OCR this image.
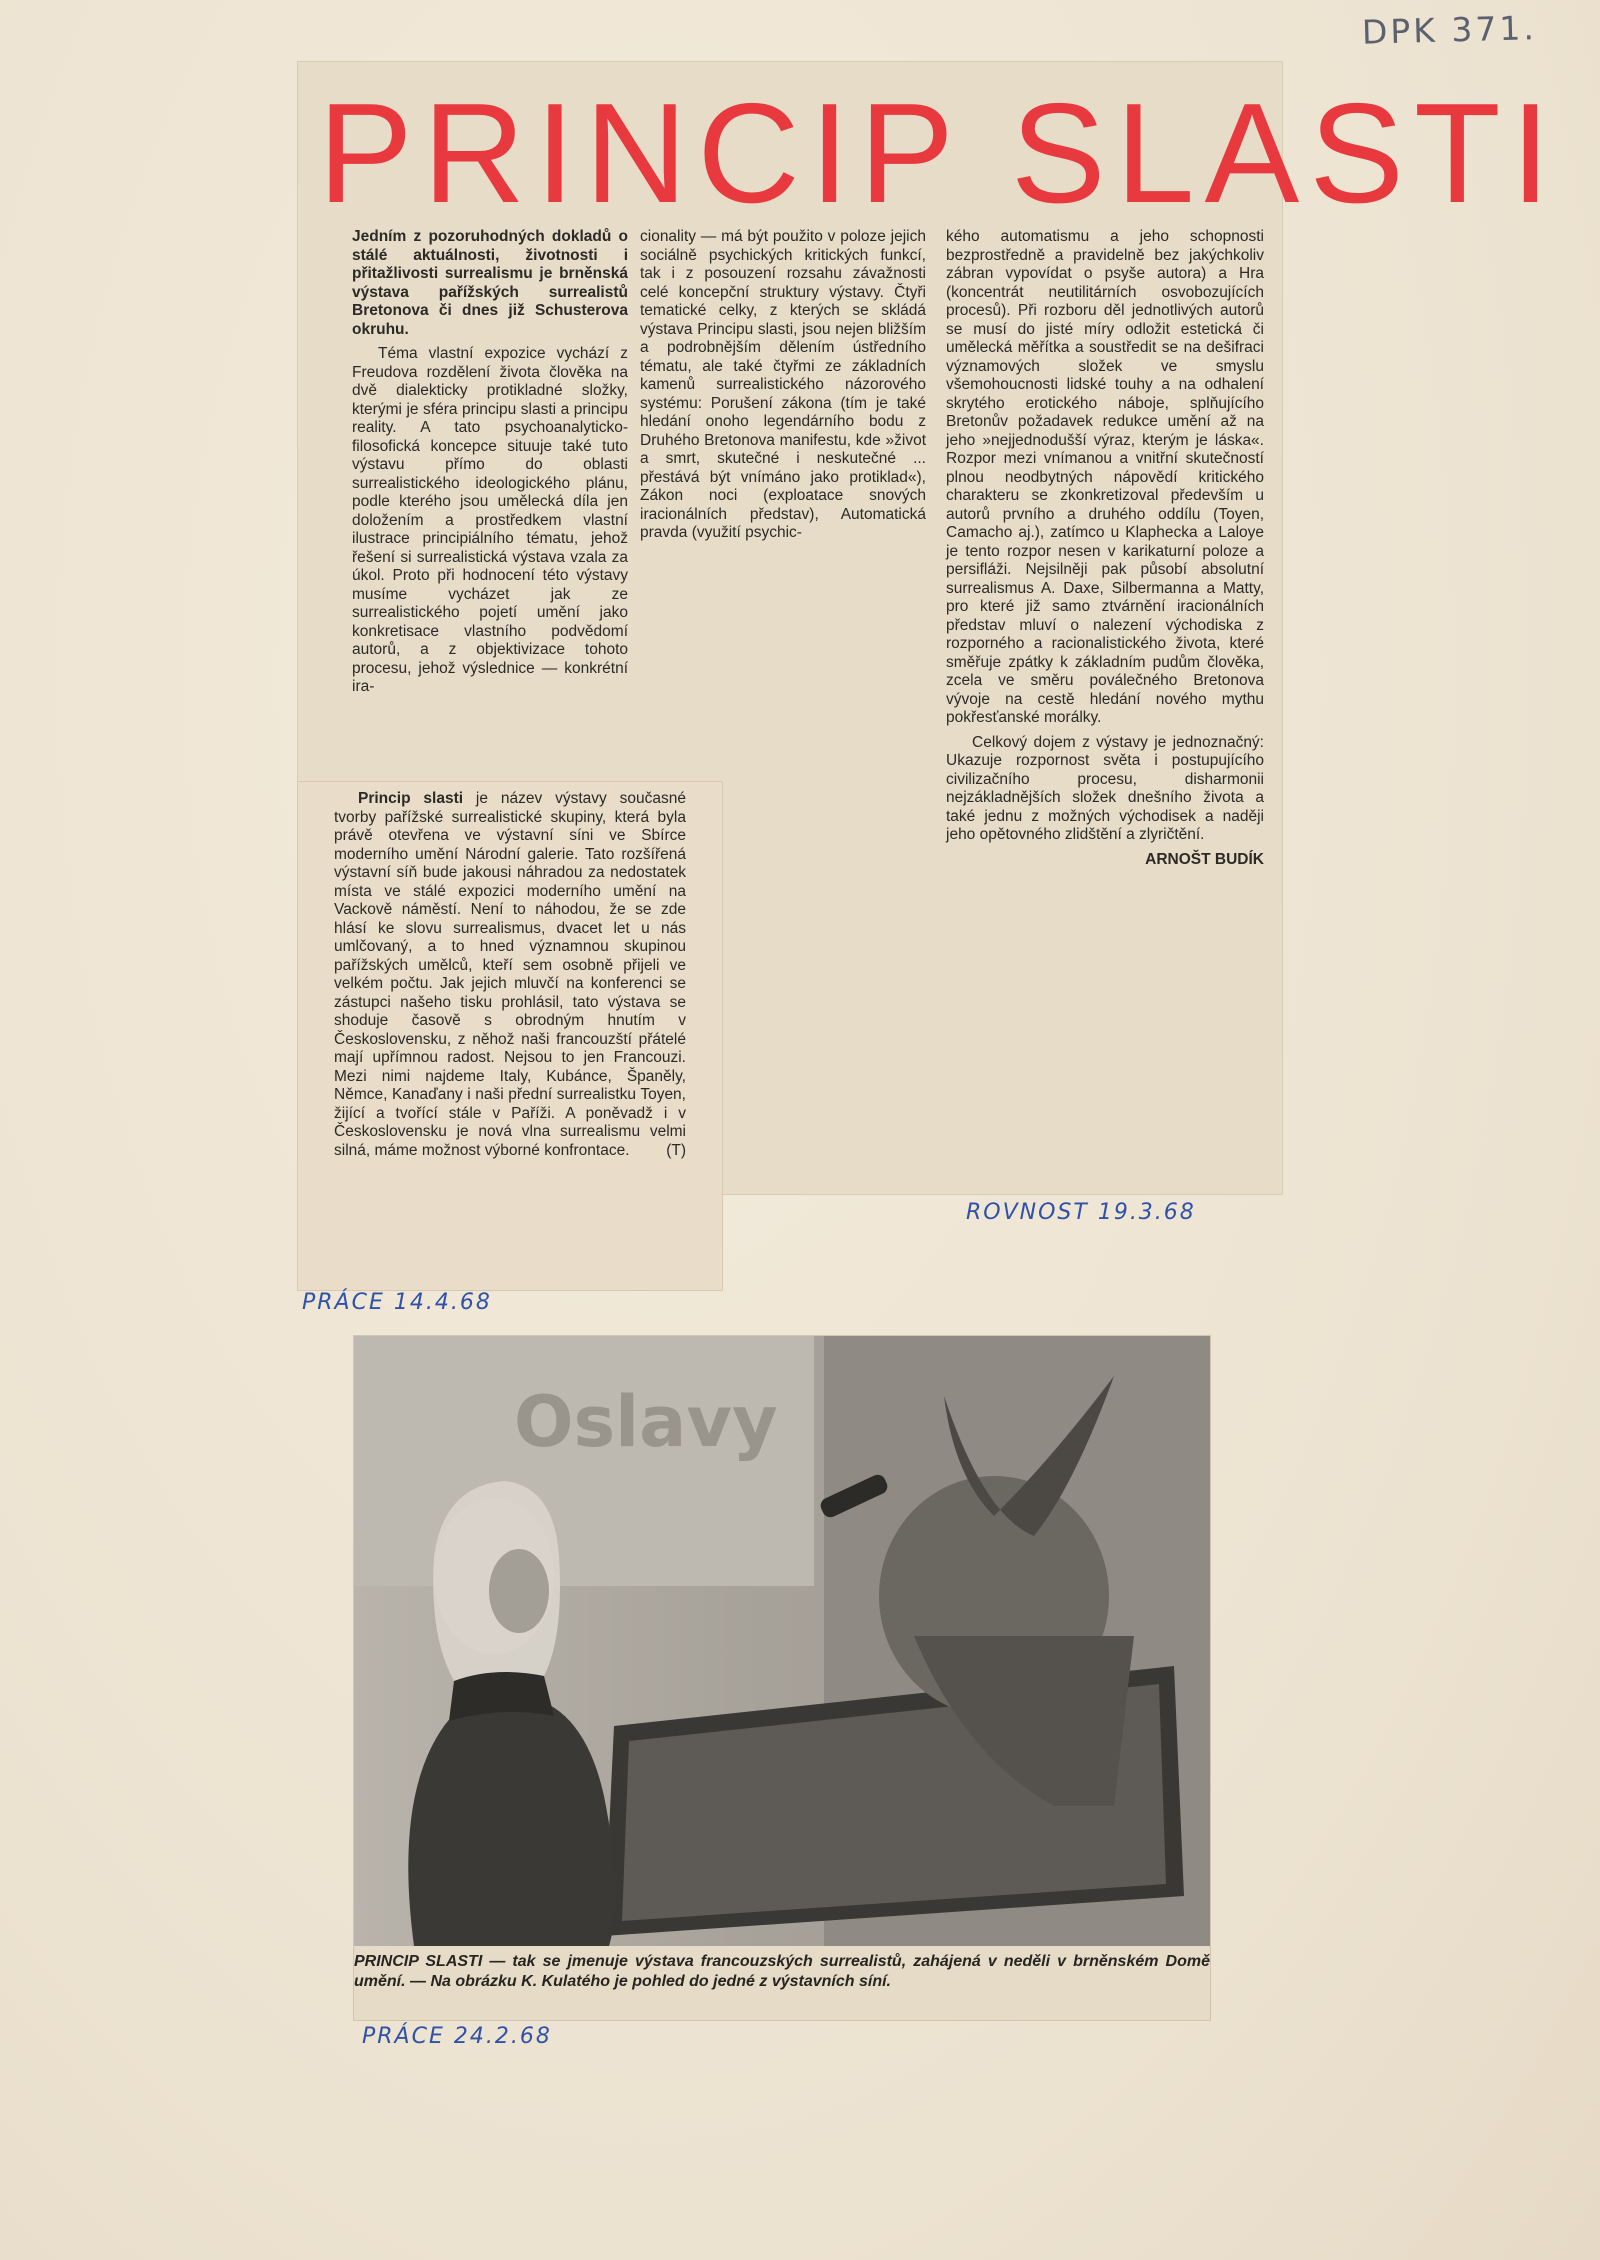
DPK 371.
PRINCIP SLASTI

Jedním z pozoruhodných dokladů o stálé aktuálnosti, životnosti i přitažlivosti surrealismu je brněnská výstava pařížských surrealistů Bretonova či dnes již Schusterova okruhu.

Téma vlastní expozice vychází z Freudova rozdělení života člověka na dvě dialekticky protikladné složky, kterými je sféra principu slasti a principu reality. A tato psychoanalyticko-filosofická koncepce situuje také tuto výstavu přímo do oblasti surrealistického ideologického plánu, podle kterého jsou umělecká díla jen doložením a prostředkem vlastní ilustrace principiálního tématu, jehož řešení si surrealistická výstava vzala za úkol. Proto při hodnocení této výstavy musíme vycházet jak ze surrealistického pojetí umění jako konkretisace vlastního podvědomí autorů, a z objektivizace tohoto procesu, jehož výslednice — konkrétní ira-

cionality — má být použito v poloze jejich sociálně psychických kritických funkcí, tak i z posouzení rozsahu závažnosti celé koncepční struktury výstavy. Čtyři tematické celky, z kterých se skládá výstava Principu slasti, jsou nejen bližším a podrobnějším dělením ústředního tématu, ale také čtyřmi ze základních kamenů surrealistického názorového systému: Porušení zákona (tím je také hledání onoho legendárního bodu z Druhého Bretonova manifestu, kde »život a smrt, skutečné i neskutečné ... přestává být vnímáno jako protiklad«), Zákon noci (exploatace snových iracionálních představ), Automatická pravda (využití psychic-

kého automatismu a jeho schopnosti bezprostředně a pravidelně bez jakýchkoliv zábran vypovídat o psyše autora) a Hra (koncentrát neutilitárních osvobozujících procesů). Při rozboru děl jednotlivých autorů se musí do jisté míry odložit estetická či umělecká měřítka a soustředit se na dešifraci významových složek ve smyslu všemohoucnosti lidské touhy a na odhalení skrytého erotického náboje, splňujícího Bretonův požadavek redukce umění až na jeho »nejjednodušší výraz, kterým je láska«. Rozpor mezi vnímanou a vnitřní skutečností plnou neodbytných nápovědí kritického charakteru se zkonkretizoval především u autorů prvního a druhého oddílu (Toyen, Camacho aj.), zatímco u Klaphecka a Laloye je tento rozpor nesen v karikaturní poloze a persifláži. Nejsilněji pak působí absolutní surrealismus A. Daxe, Silbermanna a Matty, pro které již samo ztvárnění iracionálních představ mluví o nalezení východiska z rozporného a racionalistického života, které směřuje zpátky k základním pudům člověka, zcela ve směru poválečného Bretonova vývoje na cestě hledání nového mythu pokřesťanské morálky.

Celkový dojem z výstavy je jednoznačný: Ukazuje rozpornost světa i postupujícího civilizačního procesu, disharmonii nejzákladnějších složek dnešního života a také jednu z možných východisek a naději jeho opětovného zlidštění a zlyričtění.

ARNOŠT BUDÍK
ROVNOST 19.3.68

Princip slasti je název výstavy současné tvorby pařížské surrealistické skupiny, která byla právě otevřena ve výstavní síni ve Sbírce moderního umění Národní galerie. Tato rozšířená výstavní síň bude jakousi náhradou za nedostatek místa ve stálé expozici moderního umění na Vackově náměstí. Není to náhodou, že se zde hlásí ke slovu surrealismus, dvacet let u nás umlčovaný, a to hned významnou skupinou pařížských umělců, kteří sem osobně přijeli ve velkém počtu. Jak jejich mluvčí na konferenci se zástupci našeho tisku prohlásil, tato výstava se shoduje časově s obrodným hnutím v Československu, z něhož naši francouzští přátelé mají upřímnou radost. Nejsou to jen Francouzi. Mezi nimi najdeme Italy, Kubánce, Španěly, Němce, Kanaďany i naši přední surrealistku Toyen, žijící a tvořící stále v Paříži. A poněvadž i v Československu je nová vlna surrealismu velmi silná, máme možnost výborné konfrontace.	(T)

PRÁCE 14.4.68
Oslavy
PRINCIP SLASTI — tak se jmenuje výstava francouzských surrealistů, zahájená v neděli v brněnském Domě umění. — Na obrázku K. Kulatého je pohled do jedné z výstavních síní.
PRÁCE 24.2.68
